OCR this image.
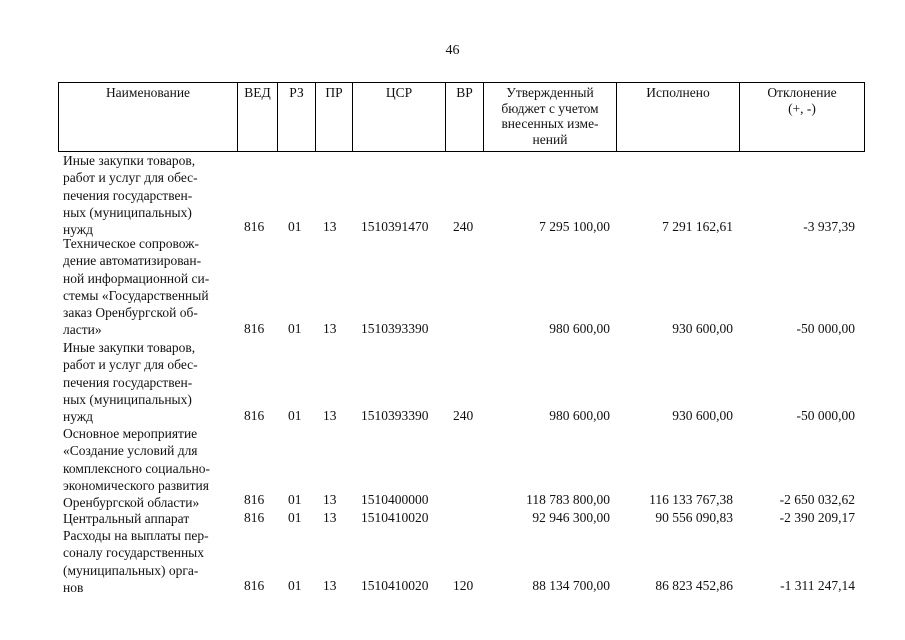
46
Наименование	ВЕД	РЗ	ПР	ЦСР	ВР	Утвержденный
бюджет с учетом
внесенных изме-
нений
Исполнено	Отклонение
(+, -)
Иные закупки товаров,
работ и услуг для обес-
печения государствен-
ных (муниципальных)
нужд	816 01 13 1510391470 240	7 295 100,00	7 291 162,61	-3 937,39
Техническое сопровож-
дение автоматизирован-
ной информационной си-
стемы «Государственный
заказ Оренбургской об-
ласти»	816 01 13 1510393390	980 600,00	930 600,00	-50 000,00
Иные закупки товаров,
работ и услуг для обес-
печения государствен-
ных (муниципальных)
нужд	816 01 13 1510393390 240	980 600,00	930 600,00	-50 000,00
Основное мероприятие
«Создание условий для
комплексного социально-
экономического развития
Оренбургской области»	816 01 13 1510400000	118 783 800,00	116 133 767,38	-2 650 032,62
Центральный аппарат	816 01 13 1510410020	92 946 300,00	90 556 090,83	-2 390 209,17
Расходы на выплаты пер-
соналу государственных
(муниципальных) орга-
нов	816 01 13 1510410020 120	88 134 700,00	86 823 452,86	-1 311 247,14
